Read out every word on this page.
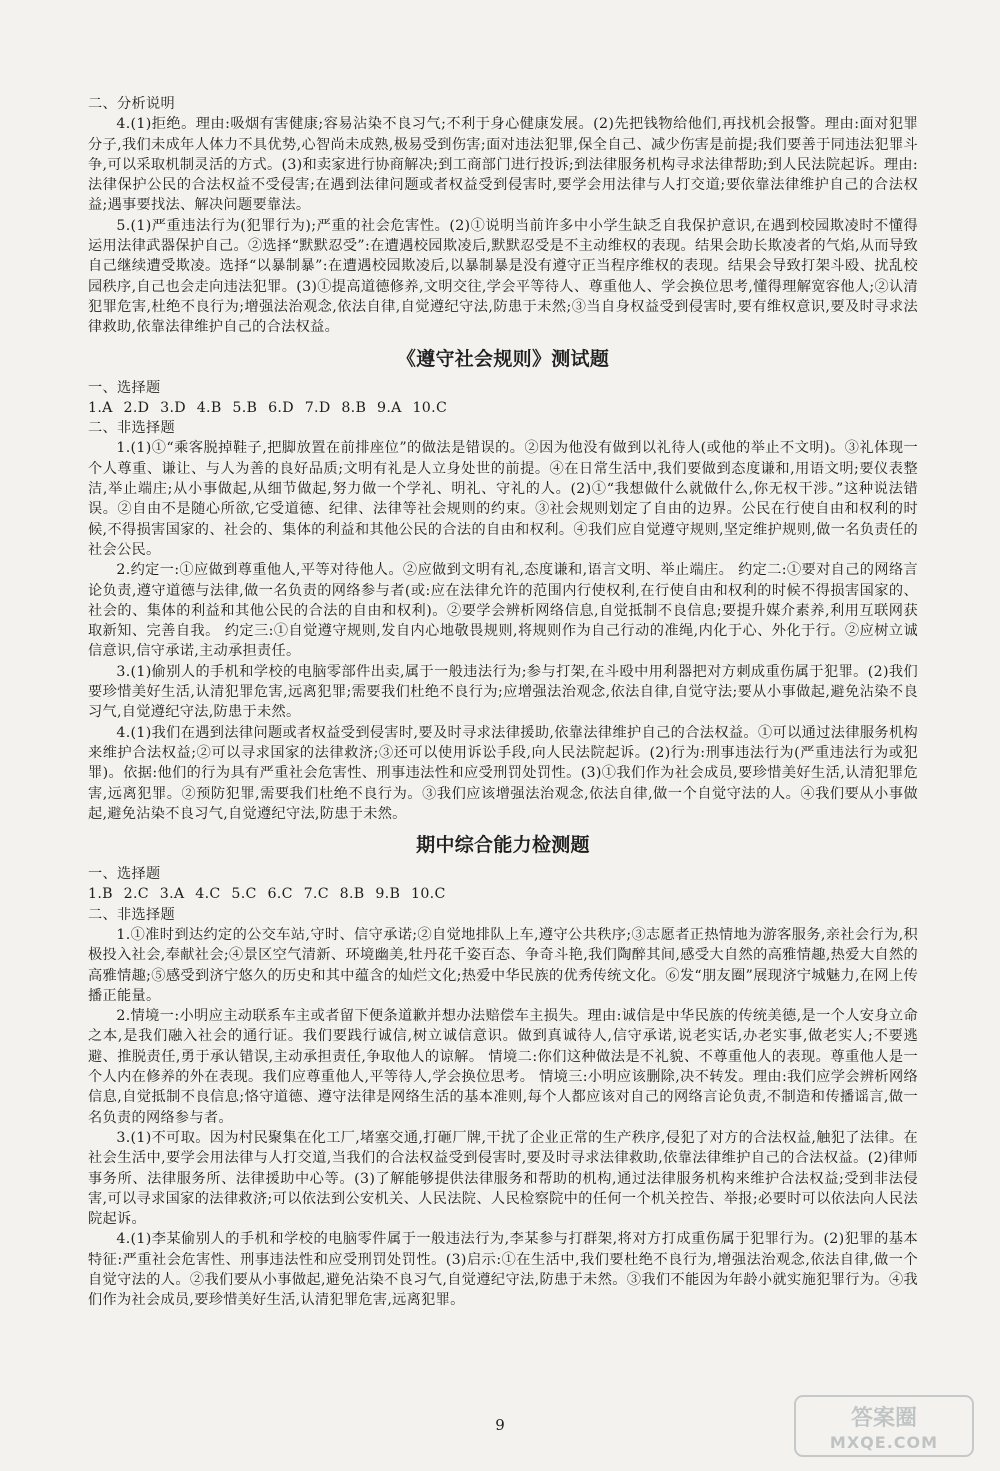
二、分析说明

4.(1)拒绝。理由:吸烟有害健康;容易沾染不良习气;不利于身心健康发展。(2)先把钱物给他们,再找机会报警。理由:面对犯罪分子,我们未成年人体力不具优势,心智尚未成熟,极易受到伤害;面对违法犯罪,保全自己、减少伤害是前提;我们要善于同违法犯罪斗争,可以采取机制灵活的方式。(3)和卖家进行协商解决;到工商部门进行投诉;到法律服务机构寻求法律帮助;到人民法院起诉。理由:法律保护公民的合法权益不受侵害;在遇到法律问题或者权益受到侵害时,要学会用法律与人打交道;要依靠法律维护自己的合法权益;遇事要找法、解决问题要靠法。

5.(1)严重违法行为(犯罪行为);严重的社会危害性。(2)①说明当前许多中小学生缺乏自我保护意识,在遇到校园欺凌时不懂得运用法律武器保护自己。②选择“默默忍受”:在遭遇校园欺凌后,默默忍受是不主动维权的表现。结果会助长欺凌者的气焰,从而导致自己继续遭受欺凌。选择“以暴制暴”:在遭遇校园欺凌后,以暴制暴是没有遵守正当程序维权的表现。结果会导致打架斗殴、扰乱校园秩序,自己也会走向违法犯罪。(3)①提高道德修养,文明交往,学会平等待人、尊重他人、学会换位思考,懂得理解宽容他人;②认清犯罪危害,杜绝不良行为;增强法治观念,依法自律,自觉遵纪守法,防患于未然;③当自身权益受到侵害时,要有维权意识,要及时寻求法律救助,依靠法律维护自己的合法权益。

《遵守社会规则》测试题

一、选择题

1.A 2.D 3.D 4.B 5.B 6.D 7.D 8.B 9.A 10.C

二、非选择题

1.(1)①“乘客脱掉鞋子,把脚放置在前排座位”的做法是错误的。②因为他没有做到以礼待人(或他的举止不文明)。③礼体现一个人尊重、谦让、与人为善的良好品质;文明有礼是人立身处世的前提。④在日常生活中,我们要做到态度谦和,用语文明;要仪表整洁,举止端庄;从小事做起,从细节做起,努力做一个学礼、明礼、守礼的人。(2)①“我想做什么就做什么,你无权干涉。”这种说法错误。②自由不是随心所欲,它受道德、纪律、法律等社会规则的约束。③社会规则划定了自由的边界。公民在行使自由和权利的时候,不得损害国家的、社会的、集体的利益和其他公民的合法的自由和权利。④我们应自觉遵守规则,坚定维护规则,做一名负责任的社会公民。

2.约定一:①应做到尊重他人,平等对待他人。②应做到文明有礼,态度谦和,语言文明、举止端庄。 约定二:①要对自己的网络言论负责,遵守道德与法律,做一名负责的网络参与者(或:应在法律允许的范围内行使权利,在行使自由和权利的时候不得损害国家的、社会的、集体的利益和其他公民的合法的自由和权利)。②要学会辨析网络信息,自觉抵制不良信息;要提升媒介素养,利用互联网获取新知、完善自我。 约定三:①自觉遵守规则,发自内心地敬畏规则,将规则作为自己行动的准绳,内化于心、外化于行。②应树立诚信意识,信守承诺,主动承担责任。

3.(1)偷别人的手机和学校的电脑零部件出卖,属于一般违法行为;参与打架,在斗殴中用利器把对方刺成重伤属于犯罪。(2)我们要珍惜美好生活,认清犯罪危害,远离犯罪;需要我们杜绝不良行为;应增强法治观念,依法自律,自觉守法;要从小事做起,避免沾染不良习气,自觉遵纪守法,防患于未然。

4.(1)我们在遇到法律问题或者权益受到侵害时,要及时寻求法律援助,依靠法律维护自己的合法权益。①可以通过法律服务机构来维护合法权益;②可以寻求国家的法律救济;③还可以使用诉讼手段,向人民法院起诉。(2)行为:刑事违法行为(严重违法行为或犯罪)。依据:他们的行为具有严重社会危害性、刑事违法性和应受刑罚处罚性。(3)①我们作为社会成员,要珍惜美好生活,认清犯罪危害,远离犯罪。②预防犯罪,需要我们杜绝不良行为。③我们应该增强法治观念,依法自律,做一个自觉守法的人。④我们要从小事做起,避免沾染不良习气,自觉遵纪守法,防患于未然。

期中综合能力检测题

一、选择题

1.B 2.C 3.A 4.C 5.C 6.C 7.C 8.B 9.B 10.C

二、非选择题

1.①准时到达约定的公交车站,守时、信守承诺;②自觉地排队上车,遵守公共秩序;③志愿者正热情地为游客服务,亲社会行为,积极投入社会,奉献社会;④景区空气清新、环境幽美,牡丹花千姿百态、争奇斗艳,我们陶醉其间,感受大自然的高雅情趣,热爱大自然的高雅情趣;⑤感受到济宁悠久的历史和其中蕴含的灿烂文化;热爱中华民族的优秀传统文化。⑥发“朋友圈”展现济宁城魅力,在网上传播正能量。

2.情境一:小明应主动联系车主或者留下便条道歉并想办法赔偿车主损失。理由:诚信是中华民族的传统美德,是一个人安身立命之本,是我们融入社会的通行证。我们要践行诚信,树立诚信意识。做到真诚待人,信守承诺,说老实话,办老实事,做老实人;不要逃避、推脱责任,勇于承认错误,主动承担责任,争取他人的谅解。 情境二:你们这种做法是不礼貌、不尊重他人的表现。尊重他人是一个人内在修养的外在表现。我们应尊重他人,平等待人,学会换位思考。 情境三:小明应该删除,决不转发。理由:我们应学会辨析网络信息,自觉抵制不良信息;恪守道德、遵守法律是网络生活的基本准则,每个人都应该对自己的网络言论负责,不制造和传播谣言,做一名负责的网络参与者。

3.(1)不可取。因为村民聚集在化工厂,堵塞交通,打砸厂牌,干扰了企业正常的生产秩序,侵犯了对方的合法权益,触犯了法律。在社会生活中,要学会用法律与人打交道,当我们的合法权益受到侵害时,要及时寻求法律救助,依靠法律维护自己的合法权益。(2)律师事务所、法律服务所、法律援助中心等。(3)了解能够提供法律服务和帮助的机构,通过法律服务机构来维护合法权益;受到非法侵害,可以寻求国家的法律救济;可以依法到公安机关、人民法院、人民检察院中的任何一个机关控告、举报;必要时可以依法向人民法院起诉。

4.(1)李某偷别人的手机和学校的电脑零件属于一般违法行为,李某参与打群架,将对方打成重伤属于犯罪行为。(2)犯罪的基本特征:严重社会危害性、刑事违法性和应受刑罚处罚性。(3)启示:①在生活中,我们要杜绝不良行为,增强法治观念,依法自律,做一个自觉守法的人。②我们要从小事做起,避免沾染不良习气,自觉遵纪守法,防患于未然。③我们不能因为年龄小就实施犯罪行为。④我们作为社会成员,要珍惜美好生活,认清犯罪危害,远离犯罪。

9	答案圈
MXQE.COM
